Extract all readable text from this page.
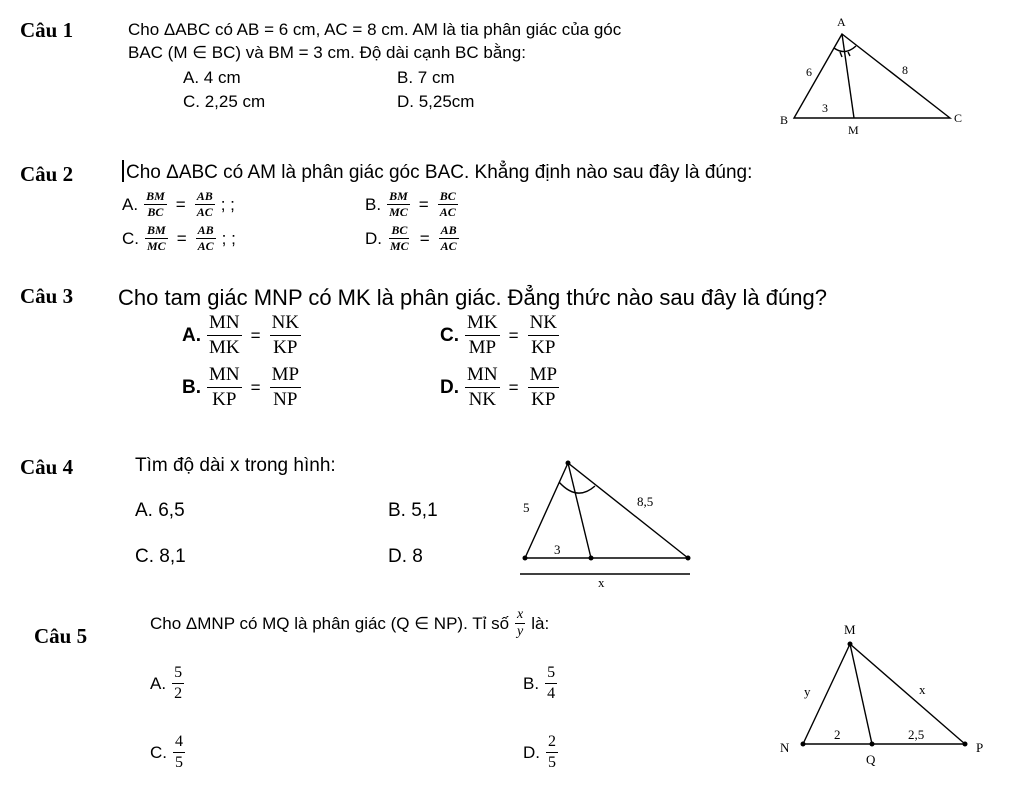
Câu 1	Cho ΔABC có AB = 6 cm, AC = 8 cm. AM là tia phân giác của góc
BAC (M ∈ BC) và BM = 3 cm. Độ dài cạnh BC bằng:
A. 4 cm	B. 7 cm
C. 2,25 cm	D. 5,25cm
A
B	C
M
6	8
3
Câu 2	Cho ΔABC có AM là phân giác góc BAC. Khẳng định nào sau đây là đúng:
A. $\frac{BM}{BC} = \frac{AB}{AC}$ ; ;	B. $\frac{BM}{MC} = \frac{BC}{AC}$
C. $\frac{BM}{MC} = \frac{AB}{AC}$ ; ;	D. $\frac{BC}{MC} = \frac{AB}{AC}$
Câu 3 Cho tam giác MNP có MK là phân giác. Đẳng thức nào sau đây là đúng?
A. $\frac{MN}{MK} = \frac{NK}{KP}$	C. $\frac{MK}{MP} = \frac{NK}{KP}$
B. $\frac{MN}{KP} = \frac{MP}{NP}$	D. $\frac{MN}{NK} = \frac{MP}{KP}$
Câu 4	Tìm độ dài x trong hình:
A. 6,5	B. 5,1
C. 8,1	D. 8
5	8,5
3
x
Câu 5
Cho ΔMNP có MQ là phân giác (Q ∈ NP). Tỉ số $\frac{x}{y}$ là:
A. $\frac{5}{2}$	B. $\frac{5}{4}$
C. $\frac{4}{5}$	D. $\frac{2}{5}$
M
N	P
Q
y	x
2	2,5
